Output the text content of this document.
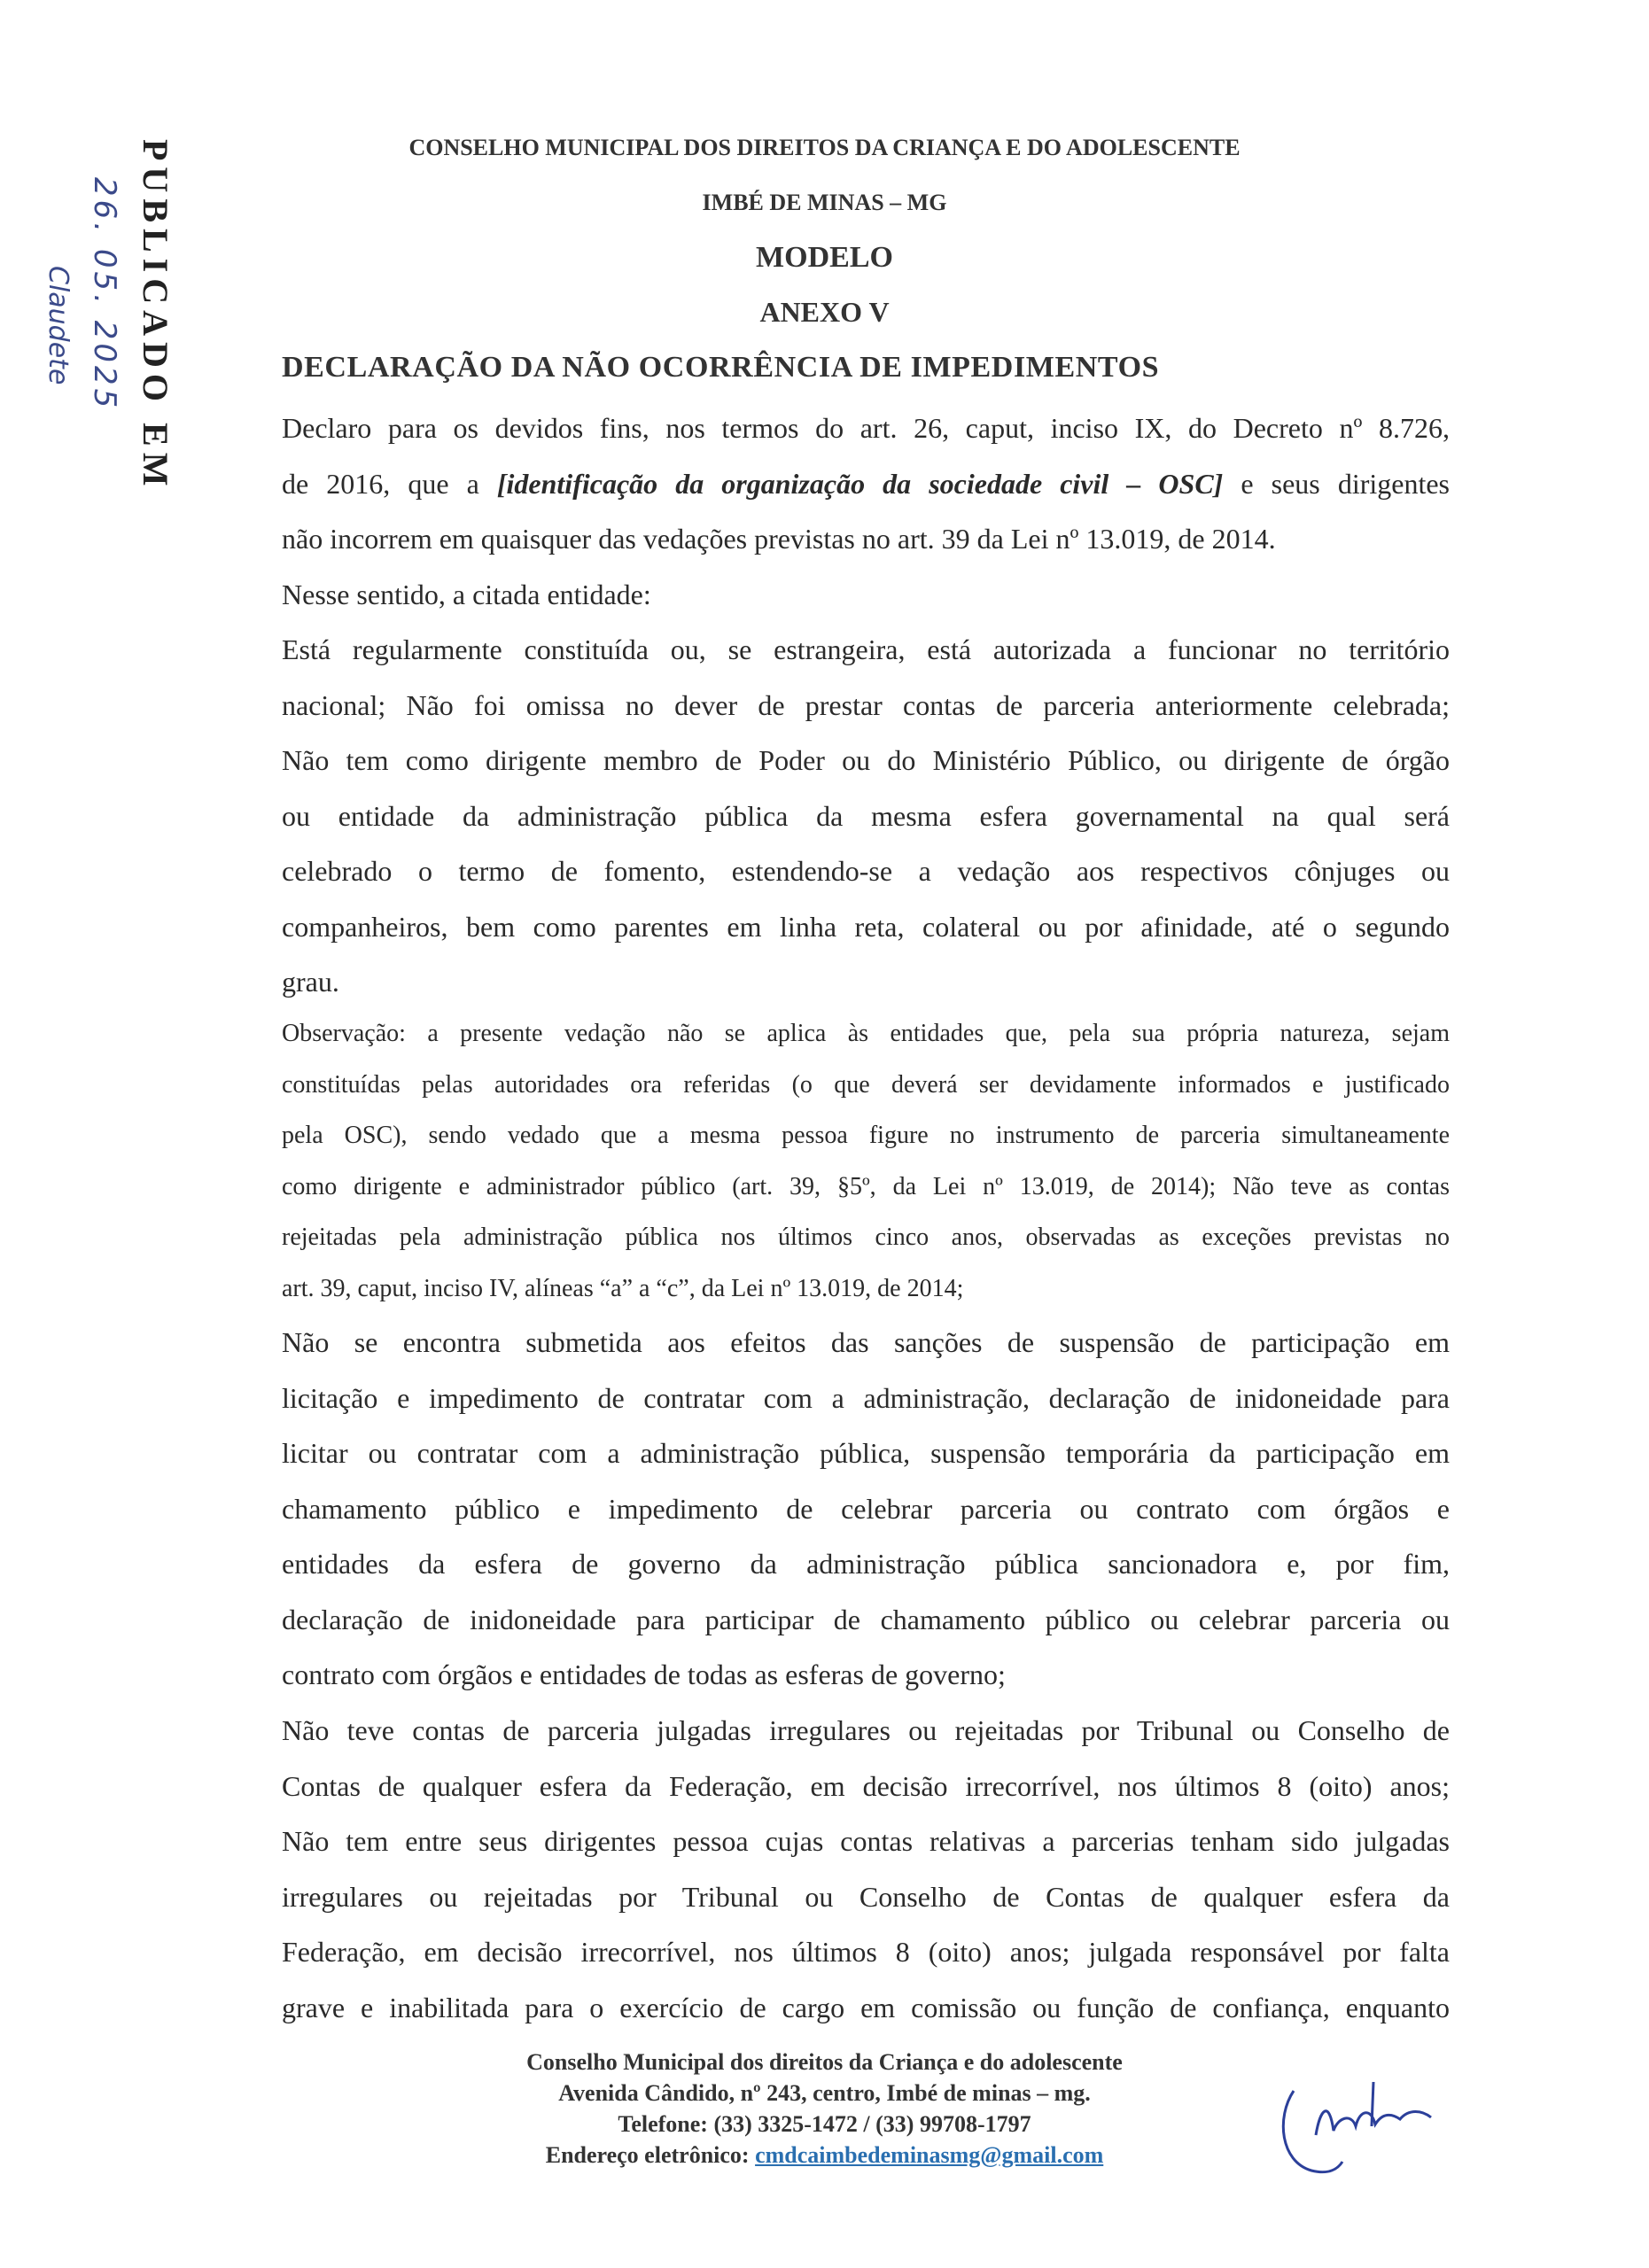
PUBLICADO EM
26. 05. 2025
Claudete
CONSELHO MUNICIPAL DOS DIREITOS DA CRIANÇA E DO ADOLESCENTE
IMBÉ DE MINAS – MG
MODELO
ANEXO V
DECLARAÇÃO DA NÃO OCORRÊNCIA DE IMPEDIMENTOS

Declaro para os devidos fins, nos termos do art. 26, caput, inciso IX, do Decreto nº 8.726,

de 2016, que a [identificação da organização da sociedade civil – OSC] e seus dirigentes

não incorrem em quaisquer das vedações previstas no art. 39 da Lei nº 13.019, de 2014.

Nesse sentido, a citada entidade:

Está regularmente constituída ou, se estrangeira, está autorizada a funcionar no território

nacional; Não foi omissa no dever de prestar contas de parceria anteriormente celebrada;

Não tem como dirigente membro de Poder ou do Ministério Público, ou dirigente de órgão

ou entidade da administração pública da mesma esfera governamental na qual será

celebrado o termo de fomento, estendendo-se a vedação aos respectivos cônjuges ou

companheiros, bem como parentes em linha reta, colateral ou por afinidade, até o segundo

grau.

Observação: a presente vedação não se aplica às entidades que, pela sua própria natureza, sejam

constituídas pelas autoridades ora referidas (o que deverá ser devidamente informados e justificado

pela OSC), sendo vedado que a mesma pessoa figure no instrumento de parceria simultaneamente

como dirigente e administrador público (art. 39, §5º, da Lei nº 13.019, de 2014); Não teve as contas

rejeitadas pela administração pública nos últimos cinco anos, observadas as exceções previstas no

art. 39, caput, inciso IV, alíneas “a” a “c”, da Lei nº 13.019, de 2014;

Não se encontra submetida aos efeitos das sanções de suspensão de participação em

licitação e impedimento de contratar com a administração, declaração de inidoneidade para

licitar ou contratar com a administração pública, suspensão temporária da participação em

chamamento público e impedimento de celebrar parceria ou contrato com órgãos e

entidades da esfera de governo da administração pública sancionadora e, por fim,

declaração de inidoneidade para participar de chamamento público ou celebrar parceria ou

contrato com órgãos e entidades de todas as esferas de governo;

Não teve contas de parceria julgadas irregulares ou rejeitadas por Tribunal ou Conselho de

Contas de qualquer esfera da Federação, em decisão irrecorrível, nos últimos 8 (oito) anos;

Não tem entre seus dirigentes pessoa cujas contas relativas a parcerias tenham sido julgadas

irregulares ou rejeitadas por Tribunal ou Conselho de Contas de qualquer esfera da

Federação, em decisão irrecorrível, nos últimos 8 (oito) anos; julgada responsável por falta

grave e inabilitada para o exercício de cargo em comissão ou função de confiança, enquanto

Conselho Municipal dos direitos da Criança e do adolescente
Avenida Cândido, nº 243, centro, Imbé de minas – mg.
Telefone: (33) 3325-1472 / (33) 99708-1797
Endereço eletrônico: cmdcaimbedeminasmg@gmail.com
